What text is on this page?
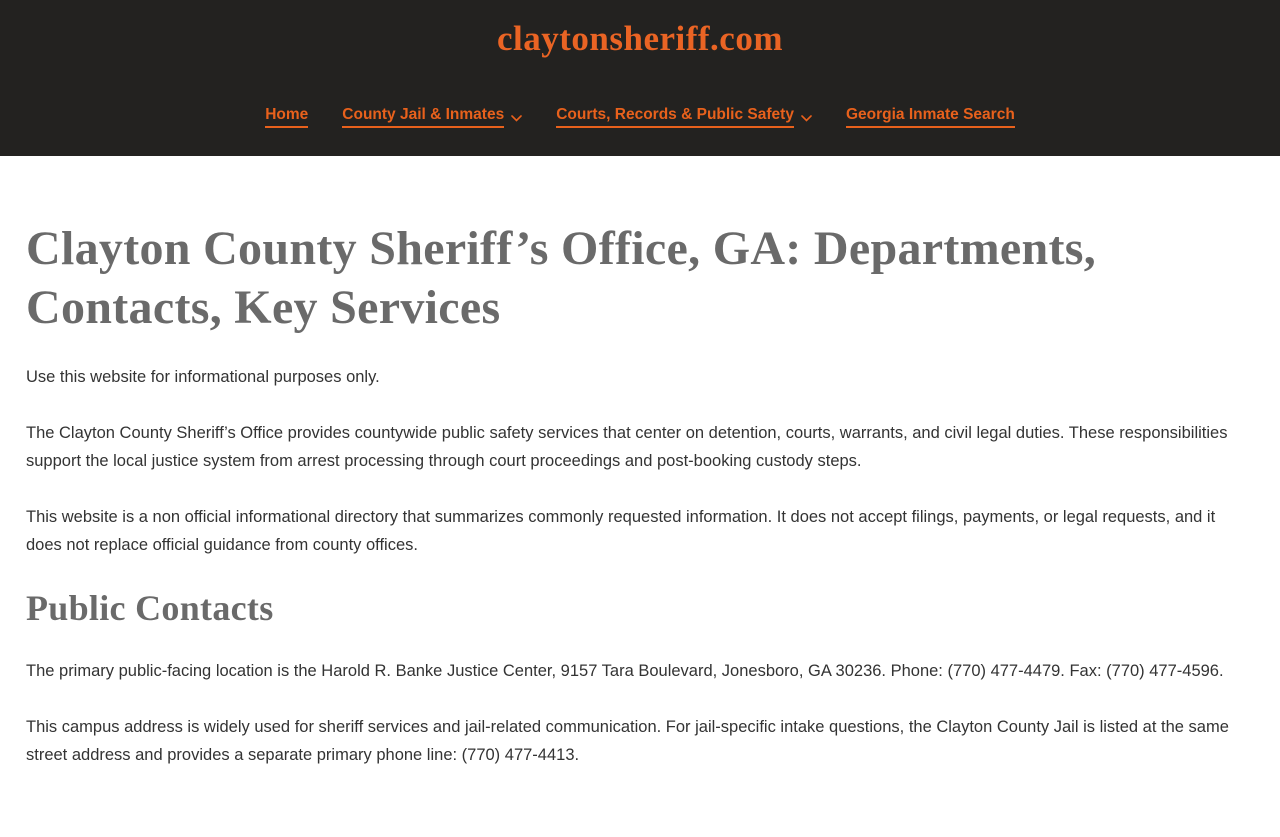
claytonsheriff.com
Home County Jail & Inmates	Courts, Records & Public Safety	Georgia Inmate Search
Clayton County Sheriff’s Office, GA: Departments,
Contacts, Key Services

Use this website for informational purposes only.

The Clayton County Sheriff’s Office provides countywide public safety services that center on detention, courts, warrants, and civil legal duties. These responsibilities support the local justice system from arrest processing through court proceedings and post-booking custody steps.

This website is a non official informational directory that summarizes commonly requested information. It does not accept filings, payments, or legal requests, and it does not replace official guidance from county offices.

Public Contacts

The primary public-facing location is the Harold R. Banke Justice Center, 9157 Tara Boulevard, Jonesboro, GA 30236. Phone: (770) 477-4479. Fax: (770) 477-4596.

This campus address is widely used for sheriff services and jail-related communication. For jail-specific intake questions, the Clayton County Jail is listed at the same street address and provides a separate primary phone line: (770) 477-4413.
